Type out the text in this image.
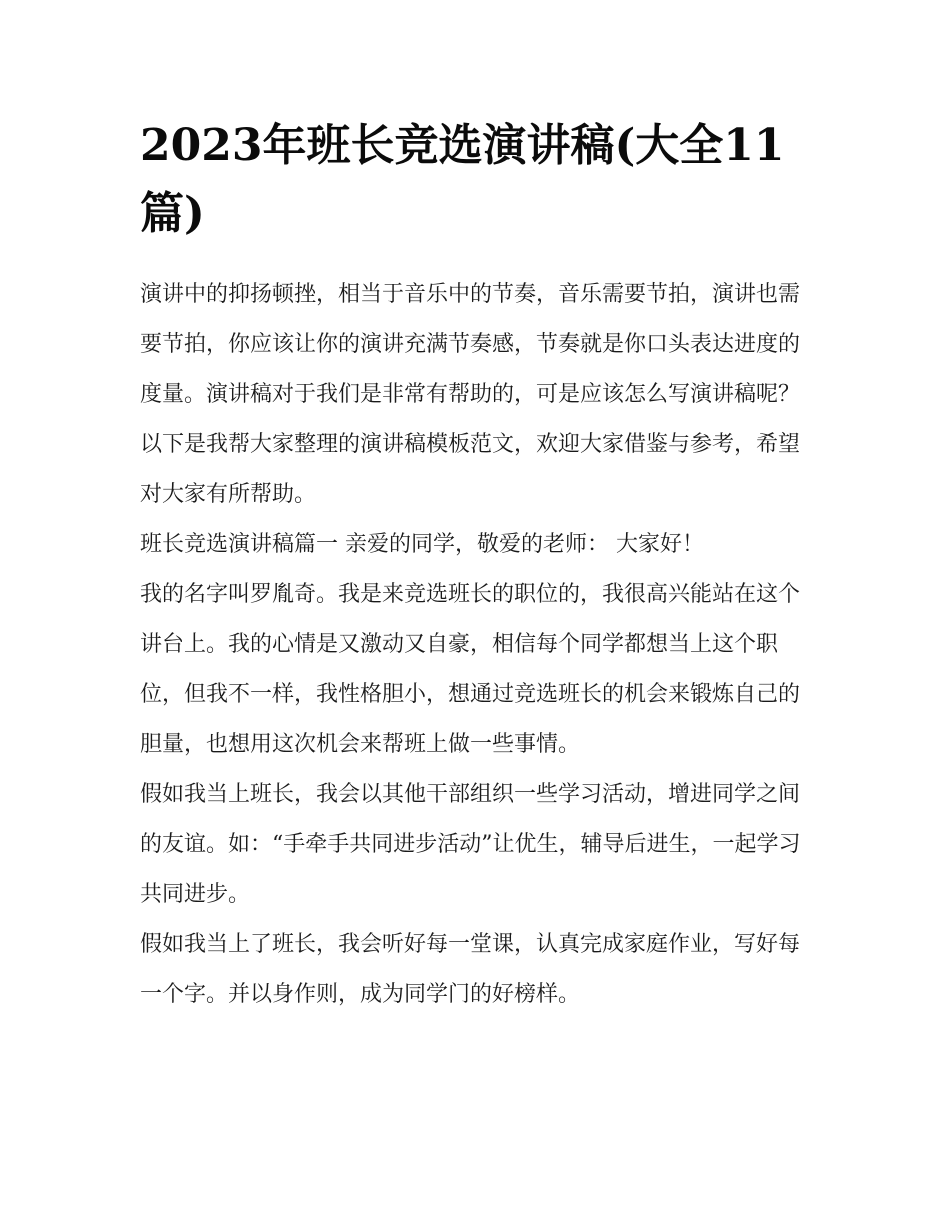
2023年班长竞选演讲稿(大全11篇)

演讲中的抑扬顿挫，相当于音乐中的节奏，音乐需要节拍，演讲也需要节拍，你应该让你的演讲充满节奏感，节奏就是你口头表达进度的度量。演讲稿对于我们是非常有帮助的，可是应该怎么写演讲稿呢？以下是我帮大家整理的演讲稿模板范文，欢迎大家借鉴与参考，希望对大家有所帮助。

班长竞选演讲稿篇一 亲爱的同学，敬爱的老师： 大家好！

我的名字叫罗胤奇。我是来竞选班长的职位的，我很高兴能站在这个讲台上。我的心情是又激动又自豪，相信每个同学都想当上这个职位，但我不一样，我性格胆小，想通过竞选班长的机会来锻炼自己的胆量，也想用这次机会来帮班上做一些事情。

假如我当上班长，我会以其他干部组织一些学习活动，增进同学之间的友谊。如：“手牵手共同进步活动”让优生，辅导后进生，一起学习共同进步。

假如我当上了班长，我会听好每一堂课，认真完成家庭作业，写好每一个字。并以身作则，成为同学门的好榜样。
